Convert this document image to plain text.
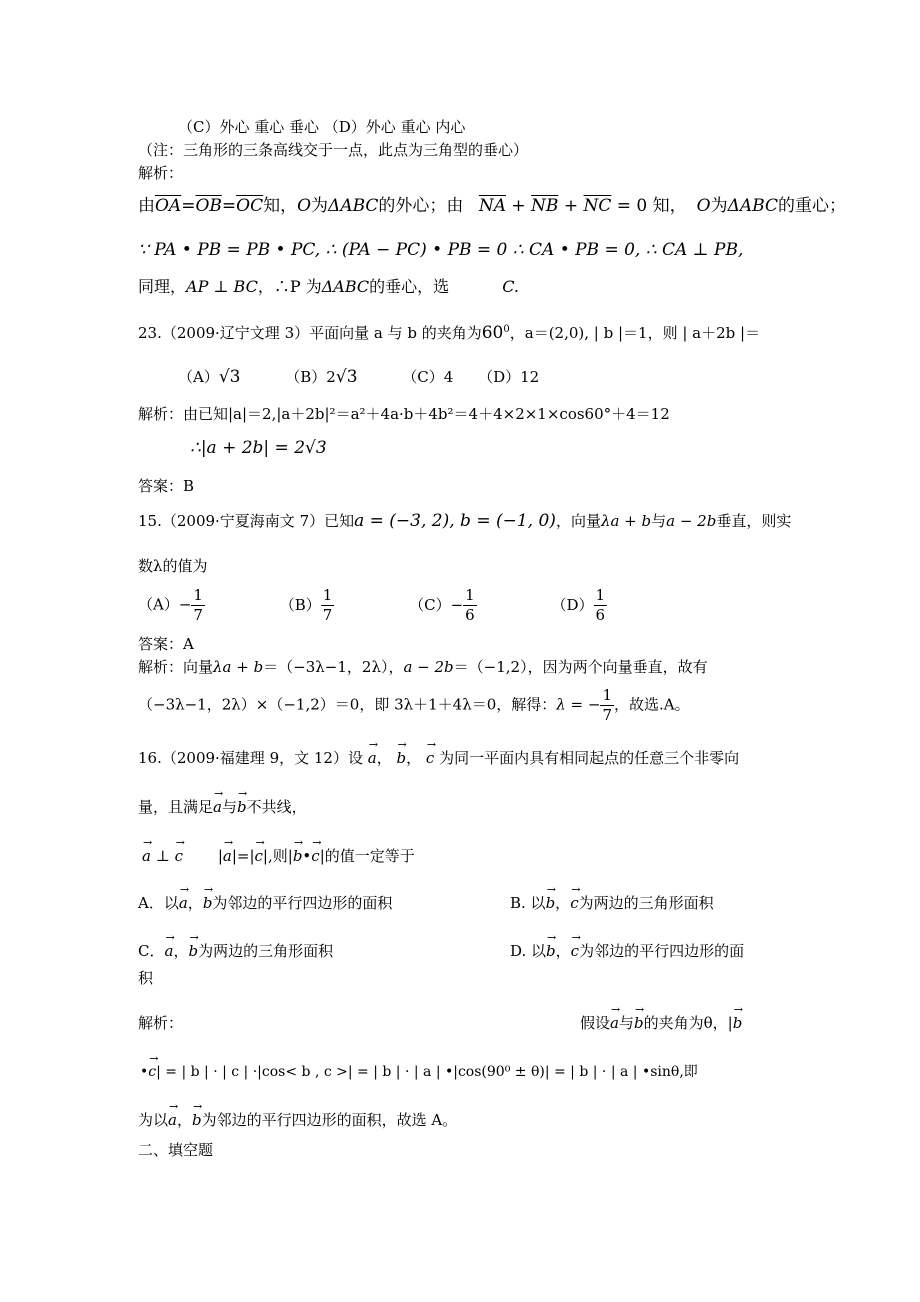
（C）外心 重心 垂心 （D）外心 重心 内心
（注：三角形的三条高线交于一点，此点为三角型的垂心）
解析：
由$\overline{OA}=\overline{OB}=\overline{OC}$知，O为ΔABC的外心；由 $\overline{NA} + \overline{NB} + \overline{NC} = 0$ 知， O为ΔABC的重心；
∵ PA • PB = PB • PC, ∴ (PA − PC) • PB = 0 ∴ CA • PB = 0, ∴ CA ⊥ PB,
同理，AP ⊥ BC，∴P 为ΔABC的垂心，选	C.
23.（2009·辽宁文理 3）平面向量 a 与 b 的夹角为$60^0$，a＝(2,0), | b |＝1，则 | a＋2b |＝
（A）√3	（B）2√3	（C）4 （D）12
解析：由已知|a|＝2,|a＋2b|²＝a²＋4a·b＋4b²＝4＋4×2×1×cos60°＋4＝12
∴|a + 2b| = 2√3
答案：B
15.（2009·宁夏海南文 7）已知a = (−3, 2), b = (−1, 0)，向量λa + b与a − 2b垂直，则实
数λ的值为
$(A)- \frac{1}{7}$	$(B) \frac{1}{7}$	$(C)- \frac{1}{6}$	$(D) \frac{1}{6}$
答案：A
解析：向量λa + b＝（−3λ−1，2λ），a − 2b＝（−1,2），因为两个向量垂直，故有
（−3λ−1，2λ）×（−1,2）＝0，即 3λ＋1＋4λ＝0，解得：λ = − $\frac{1}{7}$ ，故选.A。
16.（2009·福建理 9，文 12）设
→
a，
→
b，
→
c 为同一平面内具有相同起点的任意三个非零向
量，且满足
→
a与
→
b不共线，
→
a ⊥
→
c |
→
a|=|
→
c|,则|
→
b•
→
c|的值一定等于
A．以
→
a，
→
b为邻边的平行四边形的面积	B. 以
→
b，
→
c为两边的三角形面积
C．
→
a，
→
b为两边的三角形面积	D. 以
→
b，
→
c为邻边的平行四边形的面
积
解析：	假设
→
a与
→
b的夹角为θ，|
→
b
•
→
c| = | b | · | c | ·|cos< b , c >| = | b | · | a | •|cos(90⁰ ± θ)| = | b | · | a | •sinθ,即
为以
→
a，
→
b为邻边的平行四边形的面积，故选 A。
二、填空题
